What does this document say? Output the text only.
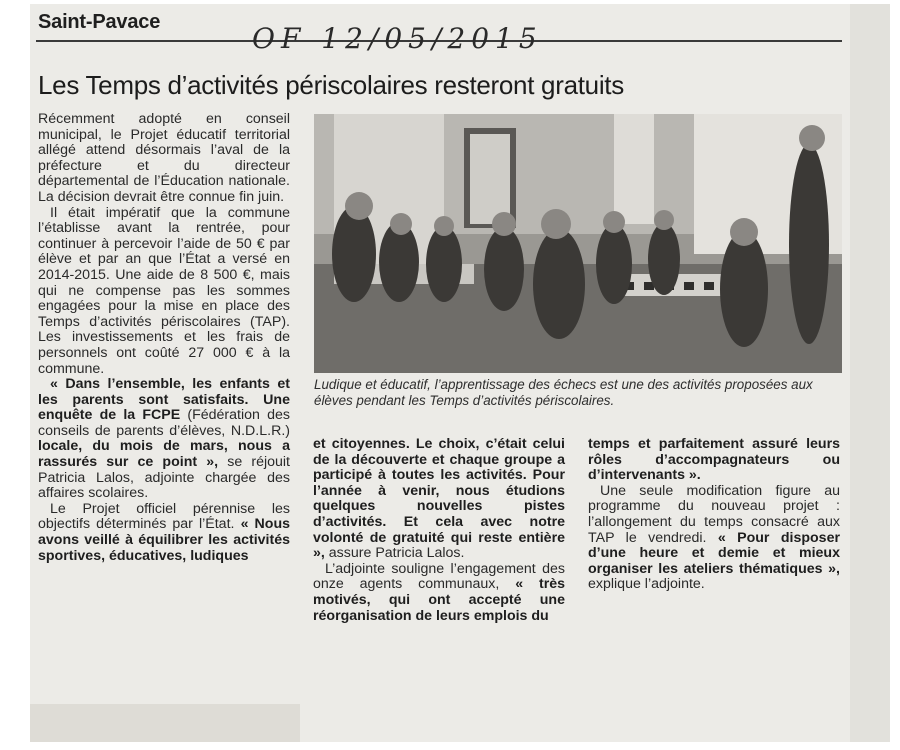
Saint-Pavace	OF 12/05/2015
Les Temps d’activités périscolaires resteront gratuits

Récemment adopté en conseil municipal, le Projet éducatif territorial allégé attend désormais l’aval de la préfecture et du directeur départemental de l’Éducation nationale. La décision devrait être connue fin juin.

Il était impératif que la commune l’établisse avant la rentrée, pour continuer à percevoir l’aide de 50 € par élève et par an que l’État a versé en 2014-2015. Une aide de 8 500 €, mais qui ne compense pas les sommes engagées pour la mise en place des Temps d’activités périscolaires (TAP). Les investissements et les frais de personnels ont coûté 27 000 € à la commune.

« Dans l’ensemble, les enfants et les parents sont satisfaits. Une enquête de la FCPE (Fédération des conseils de parents d’élèves, N.D.L.R.) locale, du mois de mars, nous a rassurés sur ce point », se réjouit Patricia Lalos, adjointe chargée des affaires scolaires.

Le Projet officiel pérennise les objectifs déterminés par l’État. « Nous avons veillé à équilibrer les activités sportives, éducatives, ludiques

Ludique et éducatif, l’apprentissage des échecs est une des activités proposées aux élèves pendant les Temps d’activités périscolaires.

et citoyennes. Le choix, c’était celui de la découverte et chaque groupe a participé à toutes les activités. Pour l’année à venir, nous étudions quelques nouvelles pistes d’activités. Et cela avec notre volonté de gratuité qui reste entière », assure Patricia Lalos.

L’adjointe souligne l’engagement des onze agents communaux, « très motivés, qui ont accepté une réorganisation de leurs emplois du

temps et parfaitement assuré leurs rôles d’accompagnateurs ou d’intervenants ».

Une seule modification figure au programme du nouveau projet : l’allongement du temps consacré aux TAP le vendredi. « Pour disposer d’une heure et demie et mieux organiser les ateliers thématiques », explique l’adjointe.
